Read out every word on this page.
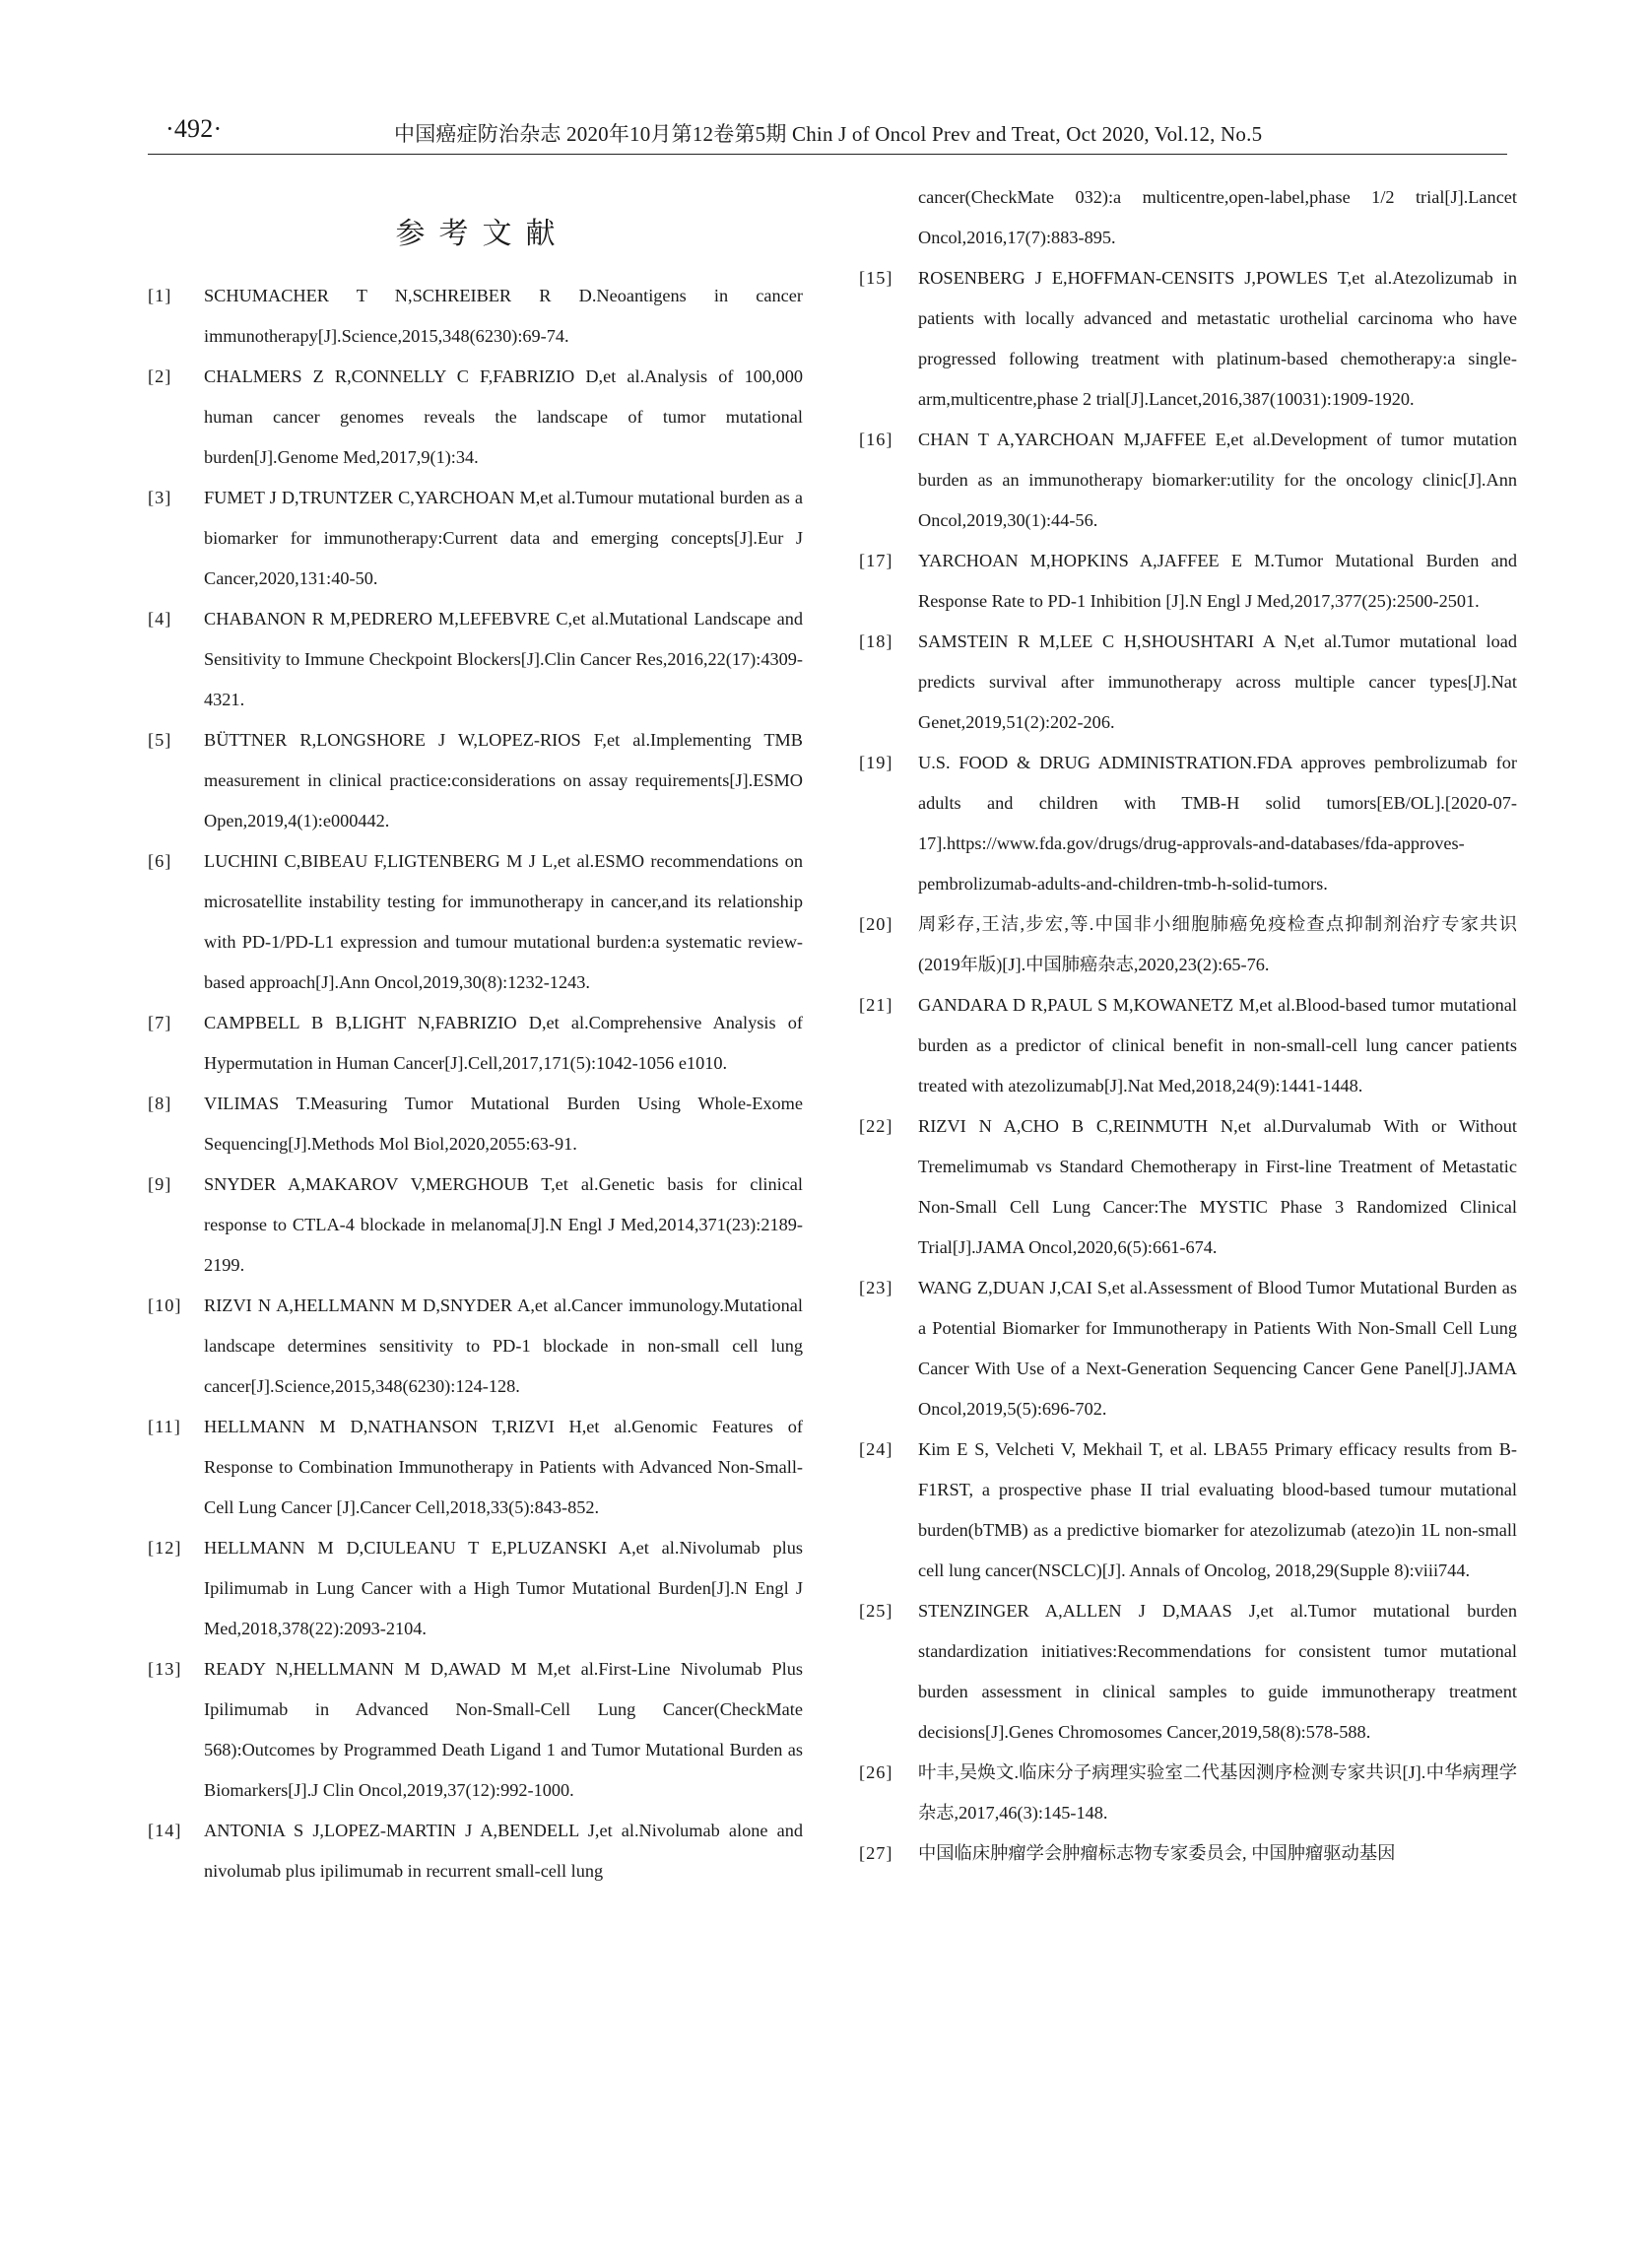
·492·	中国癌症防治杂志 2020年10月第12卷第5期 Chin J of Oncol Prev and Treat, Oct 2020, Vol.12, No.5
参考文献
[1] SCHUMACHER T N,SCHREIBER R D.Neoantigens in cancer immunotherapy[J].Science,2015,348(6230):69-74.
[2] CHALMERS Z R,CONNELLY C F,FABRIZIO D,et al.Analysis of 100,000 human cancer genomes reveals the landscape of tumor mutational burden[J].Genome Med,2017,9(1):34.
[3] FUMET J D,TRUNTZER C,YARCHOAN M,et al.Tumour mutational burden as a biomarker for immunotherapy:Current data and emerging concepts[J].Eur J Cancer,2020,131:40-50.
[4] CHABANON R M,PEDRERO M,LEFEBVRE C,et al.Mutational Landscape and Sensitivity to Immune Checkpoint Blockers[J].Clin Cancer Res,2016,22(17):4309-4321.
[5] BÜTTNER R,LONGSHORE J W,LOPEZ-RIOS F,et al.Implementing TMB measurement in clinical practice:considerations on assay requirements[J].ESMO Open,2019,4(1):e000442.
[6] LUCHINI C,BIBEAU F,LIGTENBERG M J L,et al.ESMO recommendations on microsatellite instability testing for immunotherapy in cancer,and its relationship with PD-1/PD-L1 expression and tumour mutational burden:a systematic review-based approach[J].Ann Oncol,2019,30(8):1232-1243.
[7] CAMPBELL B B,LIGHT N,FABRIZIO D,et al.Comprehensive Analysis of Hypermutation in Human Cancer[J].Cell,2017,171(5):1042-1056 e1010.
[8] VILIMAS T.Measuring Tumor Mutational Burden Using Whole-Exome Sequencing[J].Methods Mol Biol,2020,2055:63-91.
[9] SNYDER A,MAKAROV V,MERGHOUB T,et al.Genetic basis for clinical response to CTLA-4 blockade in melanoma[J].N Engl J Med,2014,371(23):2189-2199.
[10] RIZVI N A,HELLMANN M D,SNYDER A,et al.Cancer immunology.Mutational landscape determines sensitivity to PD-1 blockade in non-small cell lung cancer[J].Science,2015,348(6230):124-128.
[11] HELLMANN M D,NATHANSON T,RIZVI H,et al.Genomic Features of Response to Combination Immunotherapy in Patients with Advanced Non-Small-Cell Lung Cancer [J].Cancer Cell,2018,33(5):843-852.
[12] HELLMANN M D,CIULEANU T E,PLUZANSKI A,et al.Nivolumab plus Ipilimumab in Lung Cancer with a High Tumor Mutational Burden[J].N Engl J Med,2018,378(22):2093-2104.
[13] READY N,HELLMANN M D,AWAD M M,et al.First-Line Nivolumab Plus Ipilimumab in Advanced Non-Small-Cell Lung Cancer(CheckMate 568):Outcomes by Programmed Death Ligand 1 and Tumor Mutational Burden as Biomarkers[J].J Clin Oncol,2019,37(12):992-1000.
[14] ANTONIA S J,LOPEZ-MARTIN J A,BENDELL J,et al.Nivolumab alone and nivolumab plus ipilimumab in recurrent small-cell lung
cancer(CheckMate 032):a multicentre,open-label,phase 1/2 trial[J].Lancet Oncol,2016,17(7):883-895.
[15] ROSENBERG J E,HOFFMAN-CENSITS J,POWLES T,et al.Atezolizumab in patients with locally advanced and metastatic urothelial carcinoma who have progressed following treatment with platinum-based chemotherapy:a single-arm,multicentre,phase 2 trial[J].Lancet,2016,387(10031):1909-1920.
[16] CHAN T A,YARCHOAN M,JAFFEE E,et al.Development of tumor mutation burden as an immunotherapy biomarker:utility for the oncology clinic[J].Ann Oncol,2019,30(1):44-56.
[17] YARCHOAN M,HOPKINS A,JAFFEE E M.Tumor Mutational Burden and Response Rate to PD-1 Inhibition [J].N Engl J Med,2017,377(25):2500-2501.
[18] SAMSTEIN R M,LEE C H,SHOUSHTARI A N,et al.Tumor mutational load predicts survival after immunotherapy across multiple cancer types[J].Nat Genet,2019,51(2):202-206.
[19] U.S. FOOD & DRUG ADMINISTRATION.FDA approves pembrolizumab for adults and children with TMB-H solid tumors[EB/OL].[2020-07-17].https://www.fda.gov/drugs/drug-approvals-and-databases/fda-approves-pembrolizumab-adults-and-children-tmb-h-solid-tumors.
[20] 周彩存,王洁,步宏,等.中国非小细胞肺癌免疫检查点抑制剂治疗专家共识(2019年版)[J].中国肺癌杂志,2020,23(2):65-76.
[21] GANDARA D R,PAUL S M,KOWANETZ M,et al.Blood-based tumor mutational burden as a predictor of clinical benefit in non-small-cell lung cancer patients treated with atezolizumab[J].Nat Med,2018,24(9):1441-1448.
[22] RIZVI N A,CHO B C,REINMUTH N,et al.Durvalumab With or Without Tremelimumab vs Standard Chemotherapy in First-line Treatment of Metastatic Non-Small Cell Lung Cancer:The MYSTIC Phase 3 Randomized Clinical Trial[J].JAMA Oncol,2020,6(5):661-674.
[23] WANG Z,DUAN J,CAI S,et al.Assessment of Blood Tumor Mutational Burden as a Potential Biomarker for Immunotherapy in Patients With Non-Small Cell Lung Cancer With Use of a Next-Generation Sequencing Cancer Gene Panel[J].JAMA Oncol,2019,5(5):696-702.
[24] Kim E S, Velcheti V, Mekhail T, et al. LBA55 Primary efficacy results from B-F1RST, a prospective phase II trial evaluating blood-based tumour mutational burden(bTMB) as a predictive biomarker for atezolizumab (atezo)in 1L non-small cell lung cancer(NSCLC)[J]. Annals of Oncolog, 2018,29(Supple 8):viii744.
[25] STENZINGER A,ALLEN J D,MAAS J,et al.Tumor mutational burden standardization initiatives:Recommendations for consistent tumor mutational burden assessment in clinical samples to guide immunotherapy treatment decisions[J].Genes Chromosomes Cancer,2019,58(8):578-588.
[26] 叶丰,吴焕文.临床分子病理实验室二代基因测序检测专家共识[J].中华病理学杂志,2017,46(3):145-148.
[27] 中国临床肿瘤学会肿瘤标志物专家委员会, 中国肿瘤驱动基因
